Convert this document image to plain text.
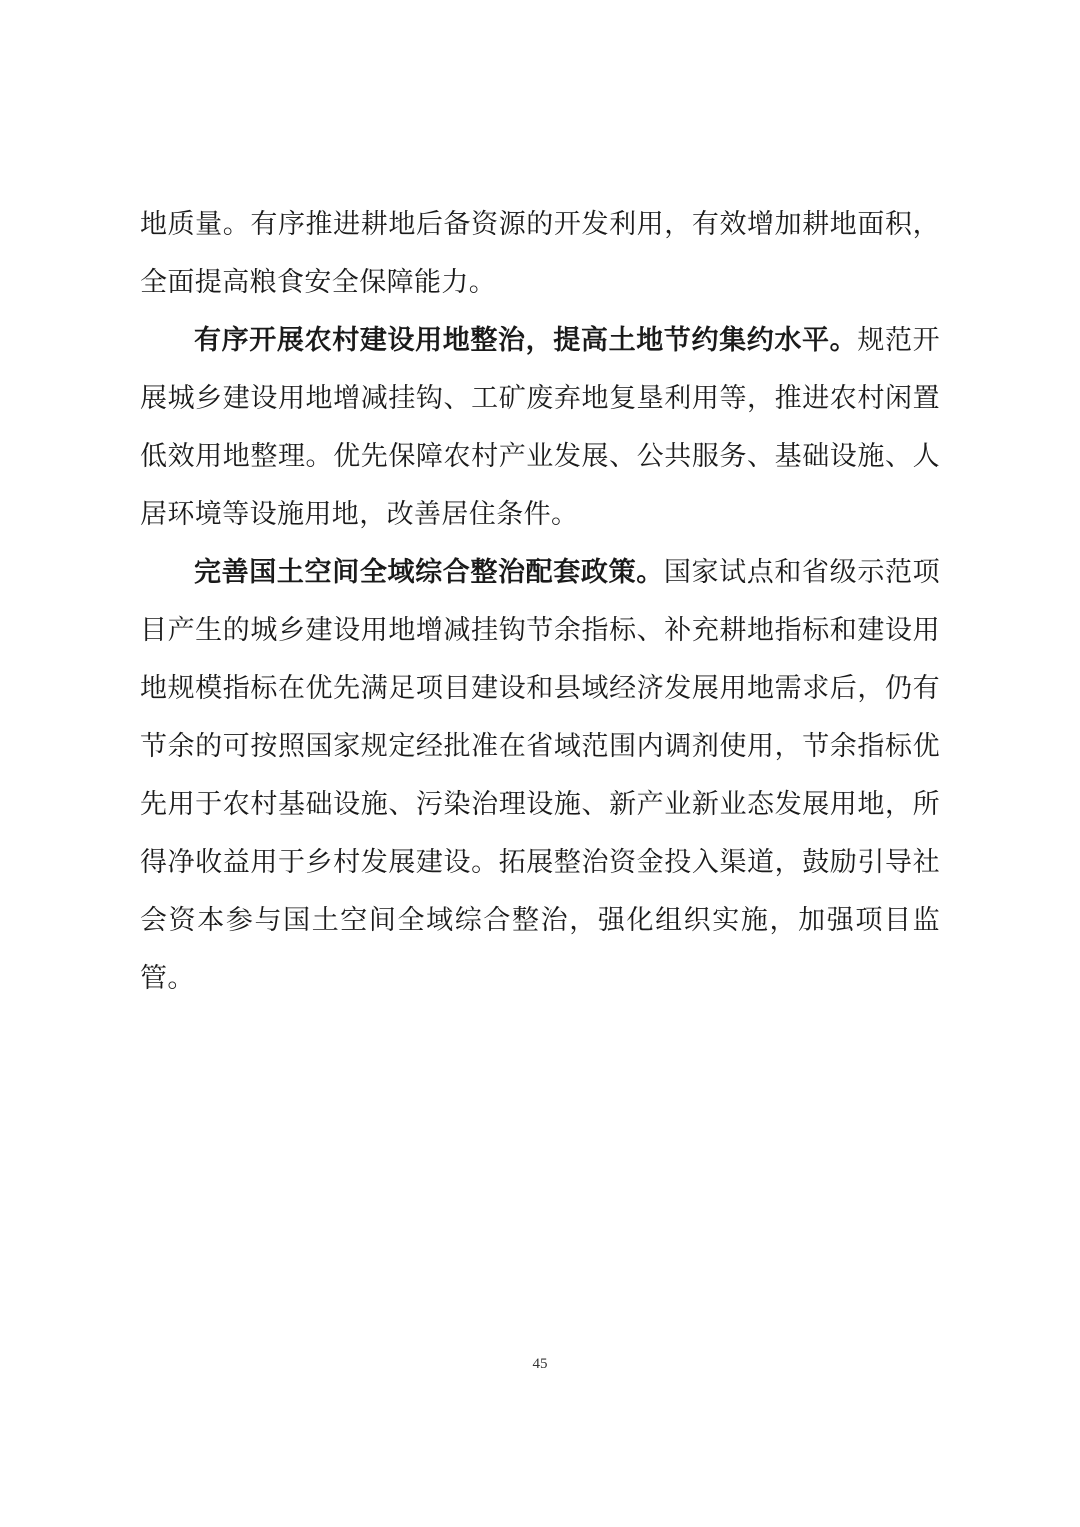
地质量。有序推进耕地后备资源的开发利用，有效增加耕地面积，全面提高粮食安全保障能力。

有序开展农村建设用地整治，提高土地节约集约水平。规范开展城乡建设用地增减挂钩、工矿废弃地复垦利用等，推进农村闲置低效用地整理。优先保障农村产业发展、公共服务、基础设施、人居环境等设施用地，改善居住条件。

完善国土空间全域综合整治配套政策。国家试点和省级示范项目产生的城乡建设用地增减挂钩节余指标、补充耕地指标和建设用地规模指标在优先满足项目建设和县域经济发展用地需求后，仍有节余的可按照国家规定经批准在省域范围内调剂使用，节余指标优先用于农村基础设施、污染治理设施、新产业新业态发展用地，所得净收益用于乡村发展建设。拓展整治资金投入渠道，鼓励引导社会资本参与国土空间全域综合整治，强化组织实施，加强项目监管。

45
